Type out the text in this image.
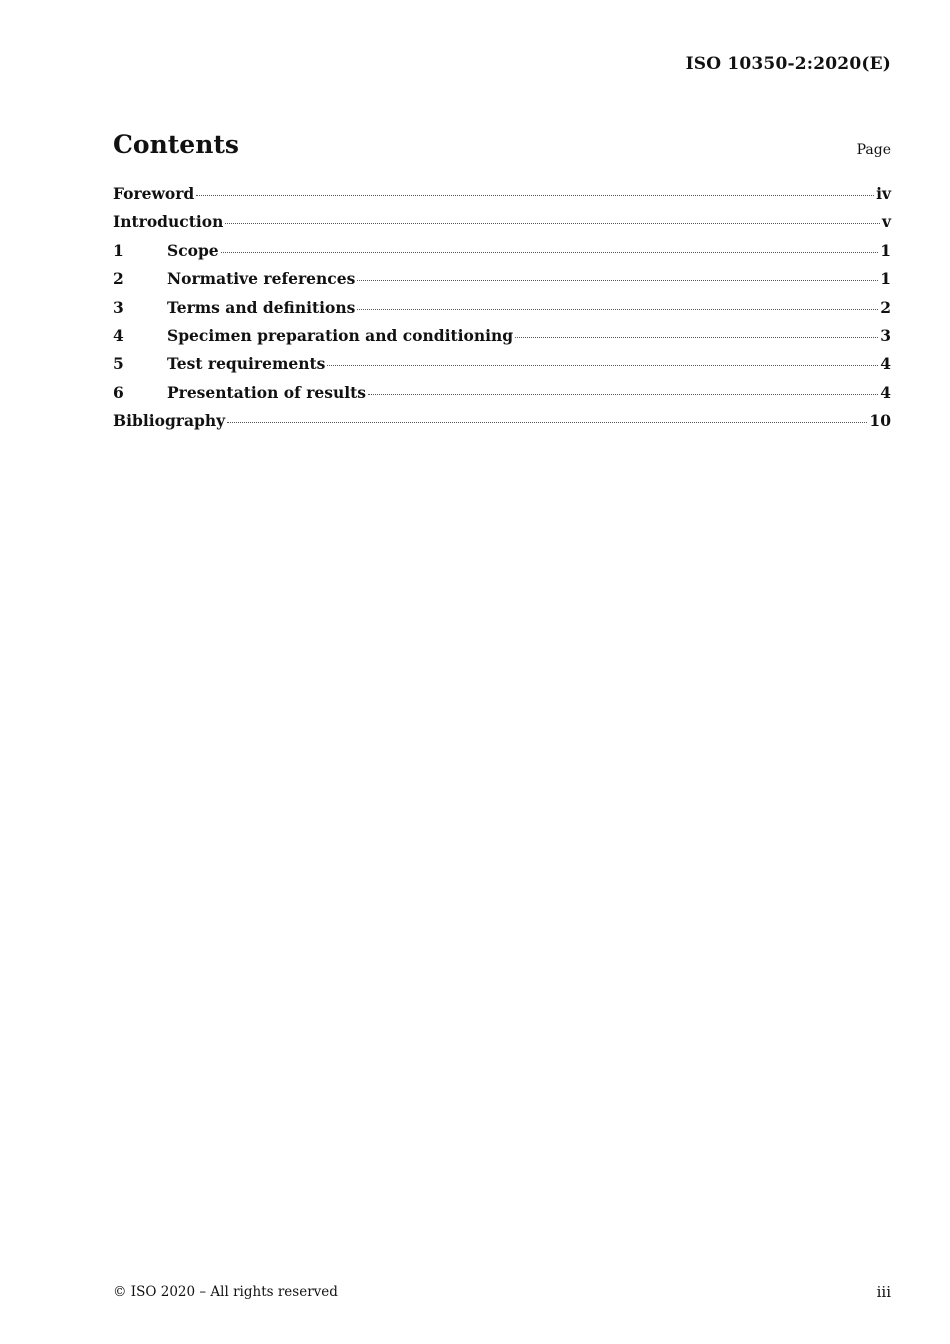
ISO 10350-2:2020(E)
Contents	Page
Foreword	iv
Introduction	v
1	Scope	1
2	Normative references	1
3	Terms and definitions	2
4	Specimen preparation and conditioning	3
5	Test requirements	4
6	Presentation of results	4
Bibliography	10
© ISO 2020 – All rights reserved	iii
